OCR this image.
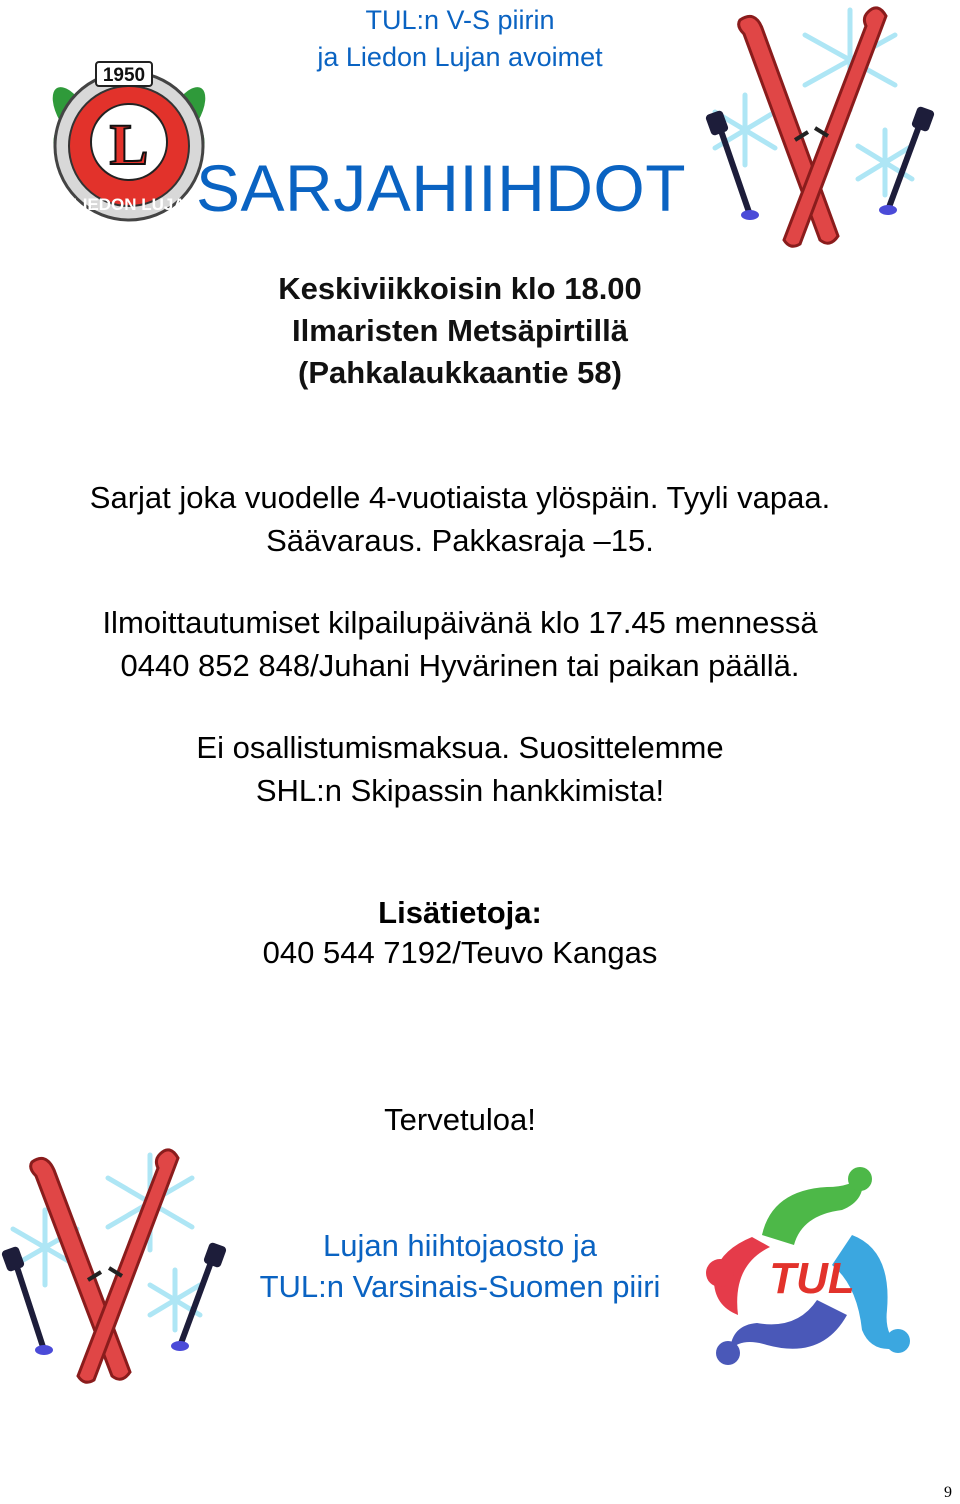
1950
L
LIEDON LUJA
TUL:n V-S piirin
ja Liedon Lujan avoimet
SARJAHIIHDOT
Keskiviikkoisin klo 18.00
Ilmaristen Metsäpirtillä
(Pahkalaukkaantie 58)
Sarjat joka vuodelle 4-vuotiaista ylöspäin. Tyyli vapaa.
Säävaraus. Pakkasraja –15.
Ilmoittautumiset kilpailupäivänä klo 17.45 mennessä
0440 852 848/Juhani Hyvärinen tai paikan päällä.
Ei osallistumismaksua. Suosittelemme
SHL:n Skipassin hankkimista!
Lisätietoja:
040 544 7192/Teuvo Kangas
Tervetuloa!
Lujan hiihtojaosto ja
TUL:n Varsinais-Suomen piiri	TUL
9
